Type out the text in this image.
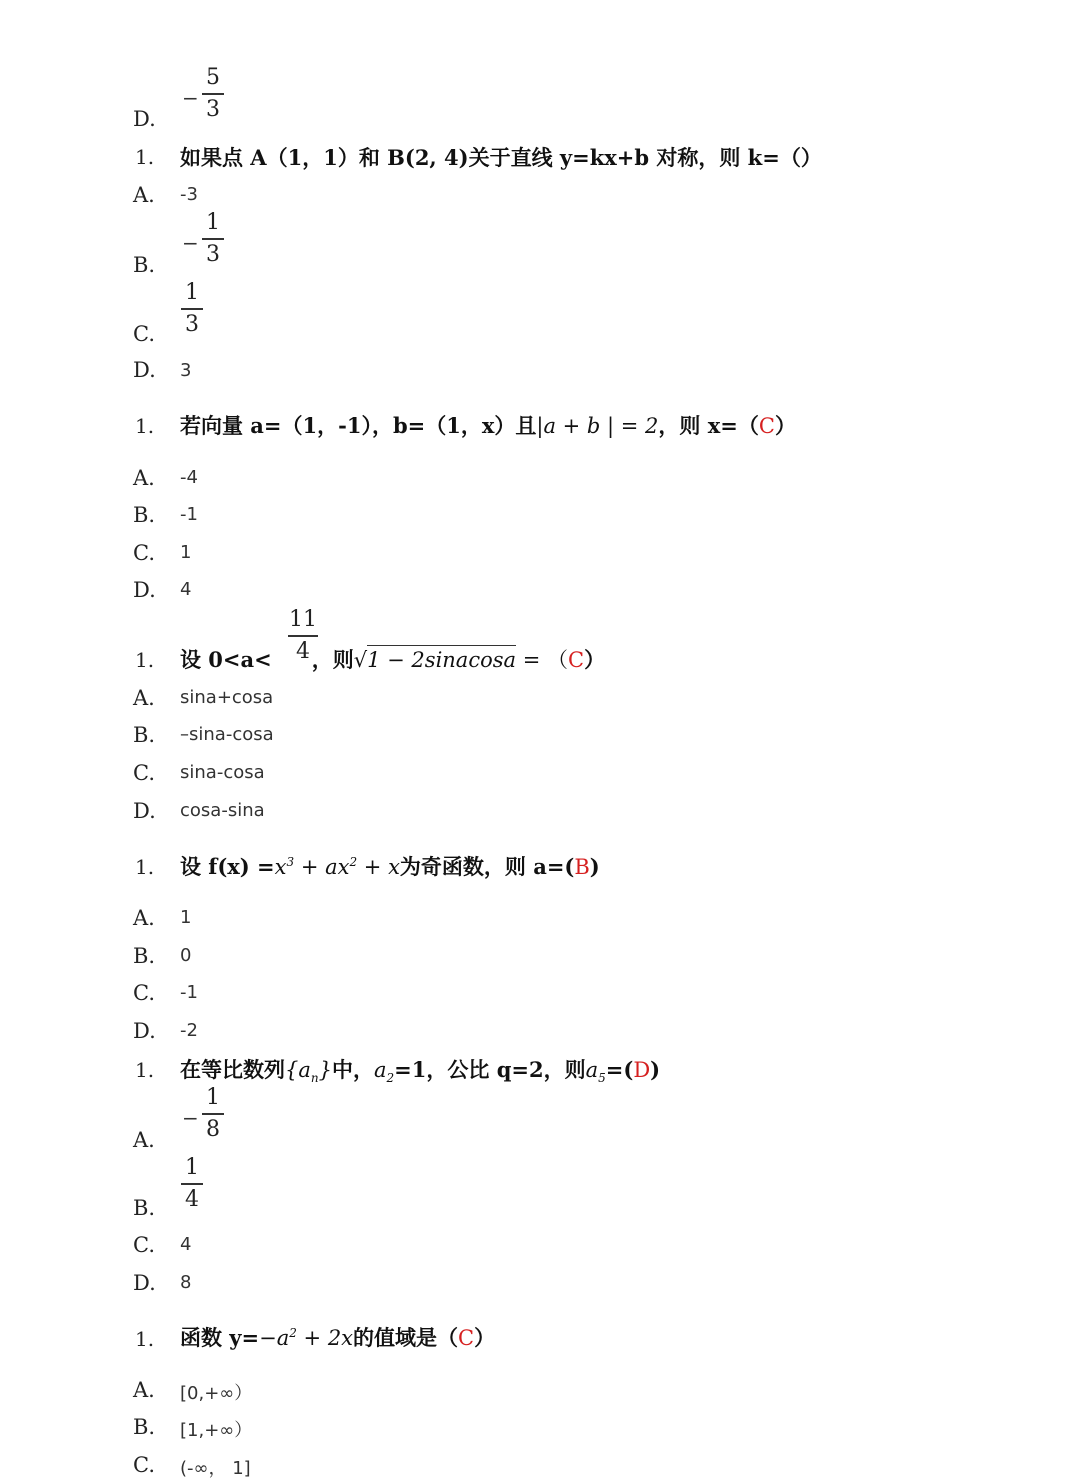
−
5
3
D.
1. 如果点 A（1，1）和 B(2, 4)关于直线 y=kx+b 对称，则 k=（）
A. -3
−
1
3
B.
1
3
C.
D. 3
1. 若向量 a=（1，-1），b=（1，x）且|a + b | = 2，则 x=（C）
A. -4
B. -1
C. 1
D. 4
1. 设 0<a< ，则√1 − 2sinacosa = （C）
11
4
A. sina+cosa
B. –sina-cosa
C. sina-cosa
D. cosa-sina
1. 设 $f(x) =x^3 + ax^2 + x$为奇函数，则 a=(B)
A. 1
B. 0
C. -1
D. -2
1. 在等比数列$\{a_n\}$中，$a_2=1$，公比 q=2，则$a_5=(D)$
−
1
8
A.
1
4
B.
C. 4
D. 8
1. 函数 $y=-a^2 + 2x$的值域是（C）
A. [0,+∞）
B. [1,+∞）
C. (-∞， 1]
